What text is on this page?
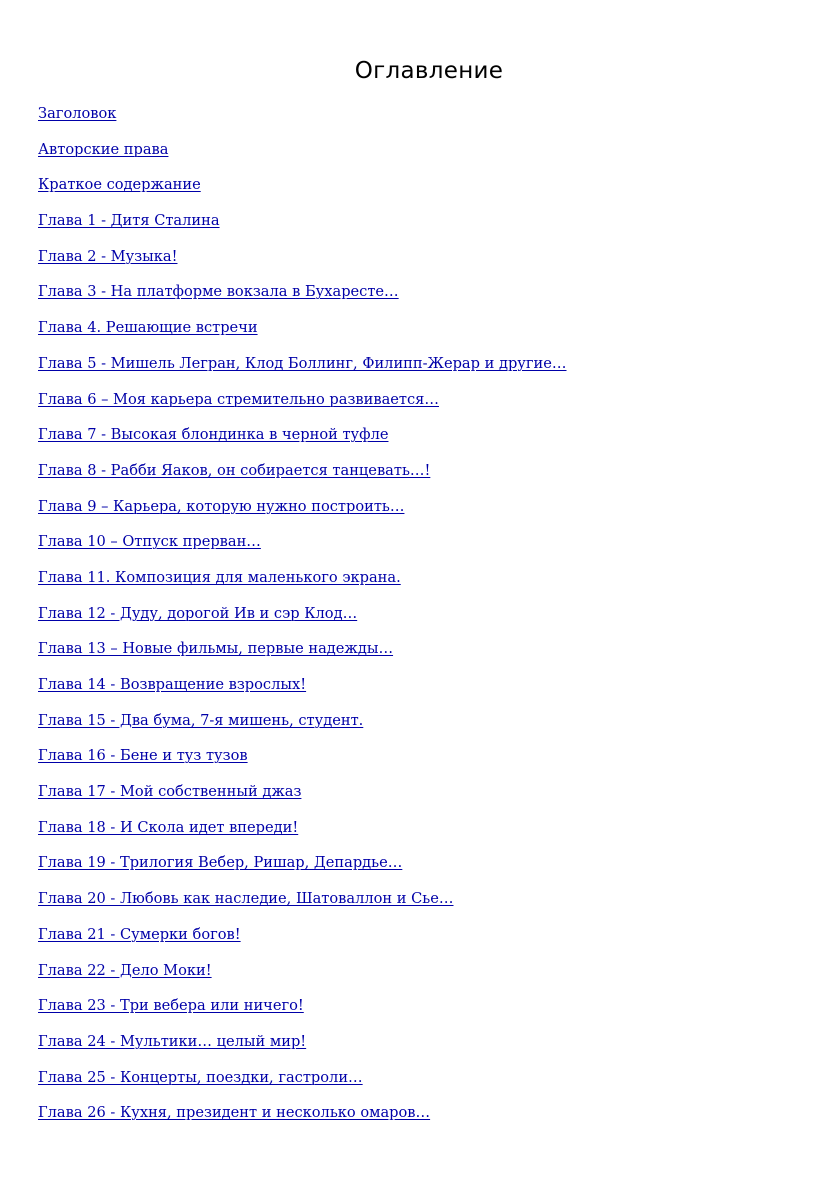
Оглавление
Заголовок
Авторские права
Краткое содержание
Глава 1 - Дитя Сталина
Глава 2 - Музыка!
Глава 3 - На платформе вокзала в Бухаресте…
Глава 4. Решающие встречи
Глава 5 - Мишель Легран, Клод Боллинг, Филипп-Жерар и другие…
Глава 6 – Моя карьера стремительно развивается…
Глава 7 - Высокая блондинка в черной туфле
Глава 8 - Рабби Яаков, он собирается танцевать…!
Глава 9 – Карьера, которую нужно построить…
Глава 10 – Отпуск прерван…
Глава 11. Композиция для маленького экрана.
Глава 12 - Дуду, дорогой Ив и сэр Клод…
Глава 13 – Новые фильмы, первые надежды…
Глава 14 - Возвращение взрослых!
Глава 15 - Два бума, 7-я мишень, студент.
Глава 16 - Бене и туз тузов
Глава 17 - Мой собственный джаз
Глава 18 - И Скола идет впереди!
Глава 19 - Трилогия Вебер, Ришар, Депардье…
Глава 20 - Любовь как наследие, Шатоваллон и Сье…
Глава 21 - Сумерки богов!
Глава 22 - Дело Моки!
Глава 23 - Три вебера или ничего!
Глава 24 - Мультики… целый мир!
Глава 25 - Концерты, поездки, гастроли…
Глава 26 - Кухня, президент и несколько омаров…
